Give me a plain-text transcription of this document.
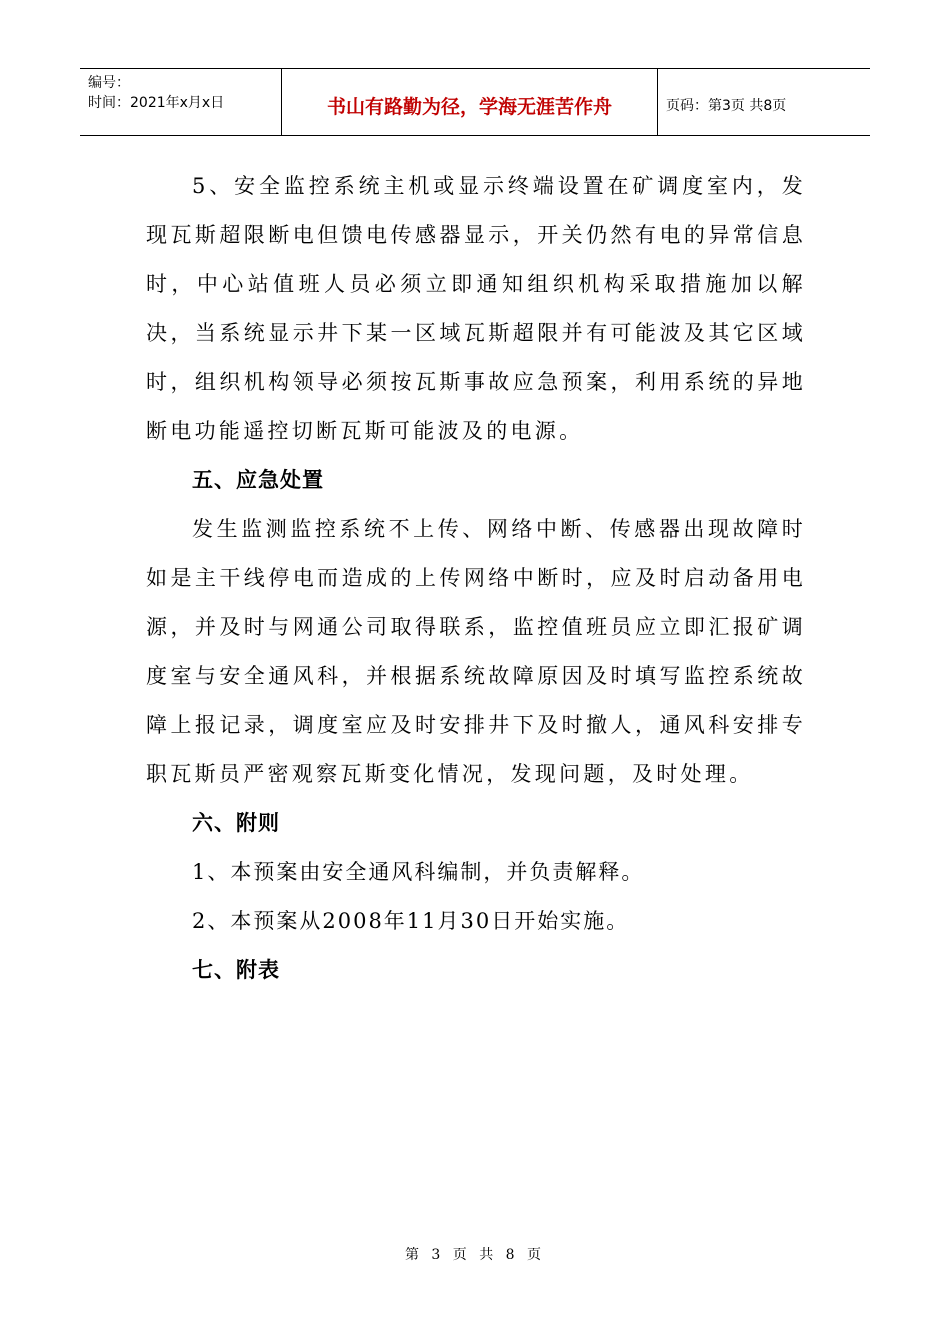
编号：
时间：2021年x月x日	书山有路勤为径，学海无涯苦作舟	页码：第3页 共8页

5、安全监控系统主机或显示终端设置在矿调度室内，发现瓦斯超限断电但馈电传感器显示，开关仍然有电的异常信息时，中心站值班人员必须立即通知组织机构采取措施加以解决，当系统显示井下某一区域瓦斯超限并有可能波及其它区域时，组织机构领导必须按瓦斯事故应急预案，利用系统的异地断电功能遥控切断瓦斯可能波及的电源。

五、应急处置

发生监测监控系统不上传、网络中断、传感器出现故障时如是主干线停电而造成的上传网络中断时，应及时启动备用电源，并及时与网通公司取得联系，监控值班员应立即汇报矿调度室与安全通风科，并根据系统故障原因及时填写监控系统故障上报记录，调度室应及时安排井下及时撤人，通风科安排专职瓦斯员严密观察瓦斯变化情况，发现问题，及时处理。

六、附则

1、本预案由安全通风科编制，并负责解释。

2、本预案从2008年11月30日开始实施。

七、附表

第 3 页 共 8 页
